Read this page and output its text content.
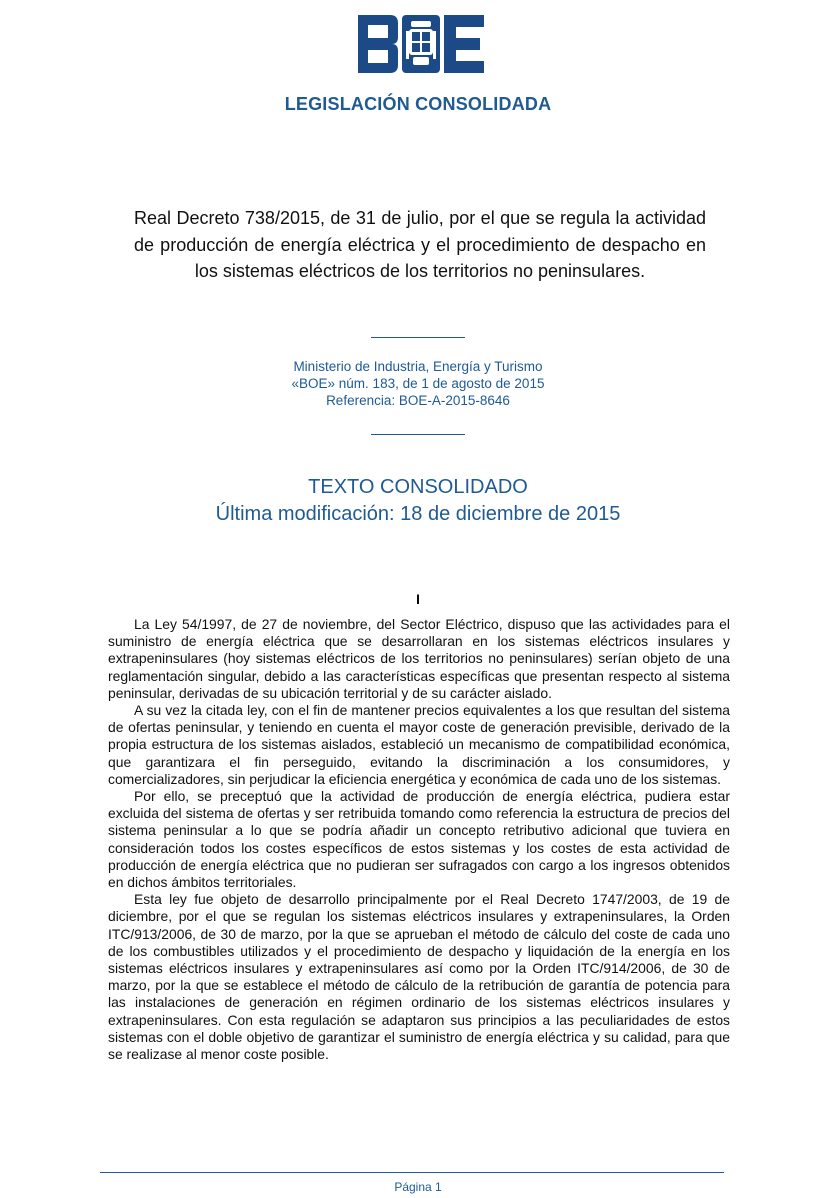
LEGISLACIÓN CONSOLIDADA
Real Decreto 738/2015, de 31 de julio, por el que se regula la actividad de producción de energía eléctrica y el procedimiento de despacho en los sistemas eléctricos de los territorios no peninsulares.
Ministerio de Industria, Energía y Turismo
«BOE» núm. 183, de 1 de agosto de 2015
Referencia: BOE-A-2015-8646
TEXTO CONSOLIDADO
Última modificación: 18 de diciembre de 2015
I

La Ley 54/1997, de 27 de noviembre, del Sector Eléctrico, dispuso que las actividades para el suministro de energía eléctrica que se desarrollaran en los sistemas eléctricos insulares y extrapeninsulares (hoy sistemas eléctricos de los territorios no peninsulares) serían objeto de una reglamentación singular, debido a las características específicas que presentan respecto al sistema peninsular, derivadas de su ubicación territorial y de su carácter aislado.

A su vez la citada ley, con el fin de mantener precios equivalentes a los que resultan del sistema de ofertas peninsular, y teniendo en cuenta el mayor coste de generación previsible, derivado de la propia estructura de los sistemas aislados, estableció un mecanismo de compatibilidad económica, que garantizara el fin perseguido, evitando la discriminación a los consumidores, y comercializadores, sin perjudicar la eficiencia energética y económica de cada uno de los sistemas.

Por ello, se preceptuó que la actividad de producción de energía eléctrica, pudiera estar excluida del sistema de ofertas y ser retribuida tomando como referencia la estructura de precios del sistema peninsular a lo que se podría añadir un concepto retributivo adicional que tuviera en consideración todos los costes específicos de estos sistemas y los costes de esta actividad de producción de energía eléctrica que no pudieran ser sufragados con cargo a los ingresos obtenidos en dichos ámbitos territoriales.

Esta ley fue objeto de desarrollo principalmente por el Real Decreto 1747/2003, de 19 de diciembre, por el que se regulan los sistemas eléctricos insulares y extrapeninsulares, la Orden ITC/913/2006, de 30 de marzo, por la que se aprueban el método de cálculo del coste de cada uno de los combustibles utilizados y el procedimiento de despacho y liquidación de la energía en los sistemas eléctricos insulares y extrapeninsulares así como por la Orden ITC/914/2006, de 30 de marzo, por la que se establece el método de cálculo de la retribución de garantía de potencia para las instalaciones de generación en régimen ordinario de los sistemas eléctricos insulares y extrapeninsulares. Con esta regulación se adaptaron sus principios a las peculiaridades de estos sistemas con el doble objetivo de garantizar el suministro de energía eléctrica y su calidad, para que se realizase al menor coste posible.

Página 1
